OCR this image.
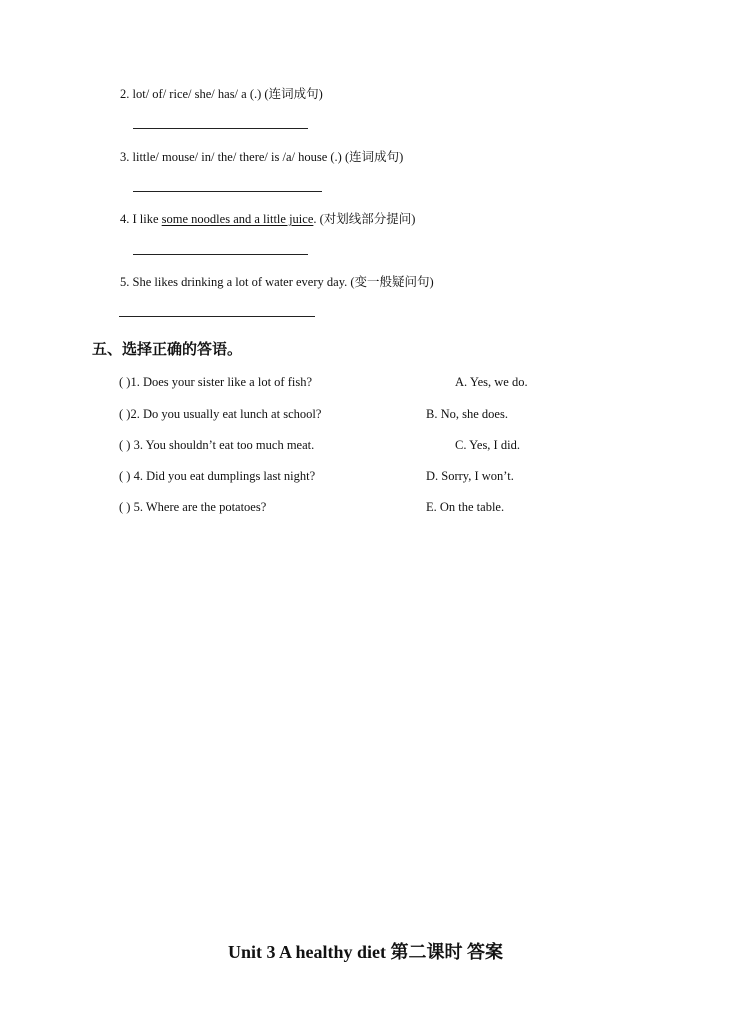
2. lot/ of/ rice/ she/ has/ a (.) (连词成句)
3. little/ mouse/ in/ the/ there/ is /a/ house (.) (连词成句)
4. I like some noodles and a little juice. (对划线部分提问)
5. She likes drinking a lot of water every day. (变一般疑问句)
五、选择正确的答语。
( )1. Does your sister like a lot of fish?	A. Yes, we do.
( )2. Do you usually eat lunch at school?	B. No, she does.
( ) 3. You shouldn’t eat too much meat.	C. Yes, I did.
( ) 4. Did you eat dumplings last night?	D. Sorry, I won’t.
( ) 5. Where are the potatoes?	E. On the table.
Unit 3 A healthy diet 第二课时 答案
